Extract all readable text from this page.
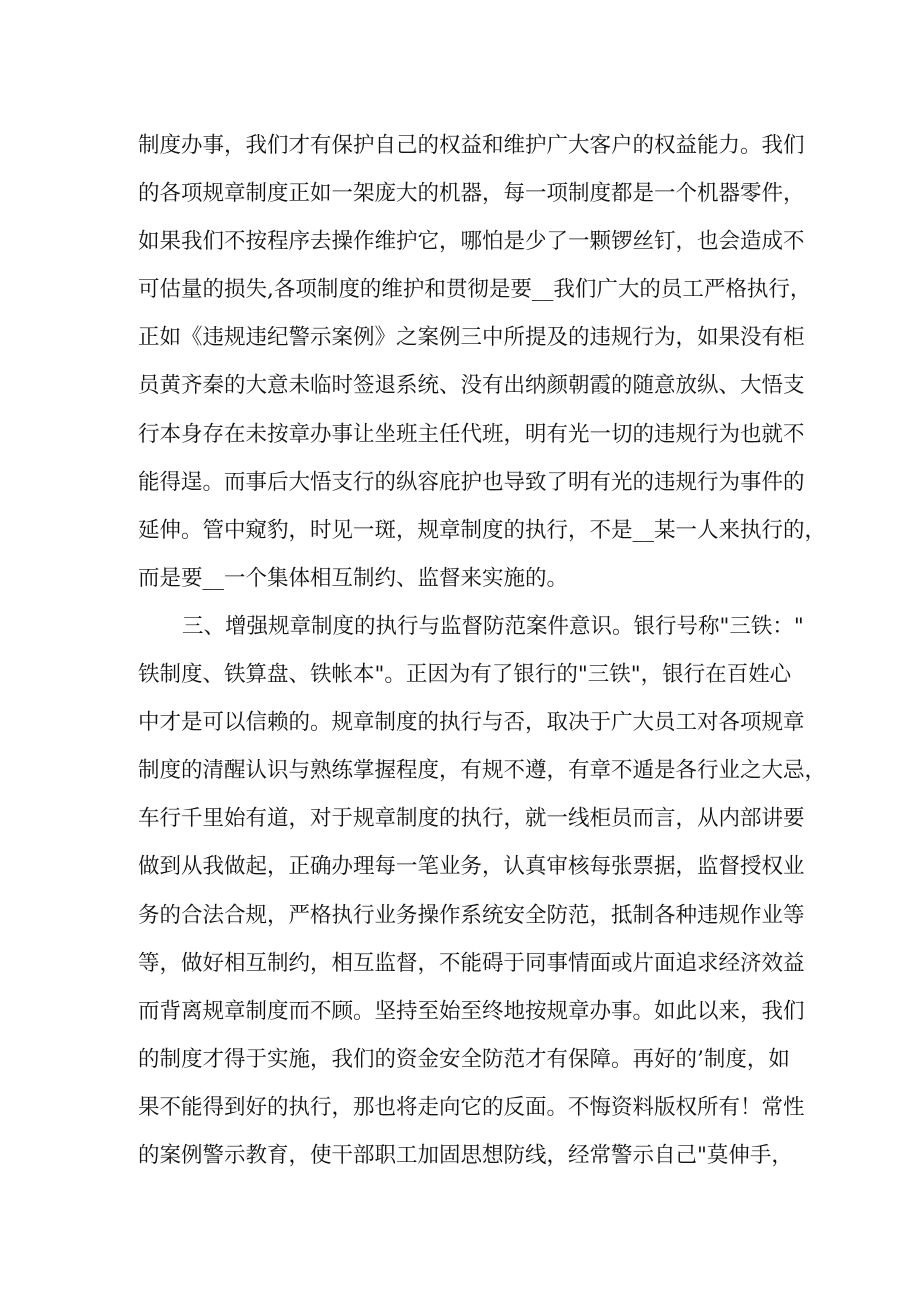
制度办事，我们才有保护自己的权益和维护广大客户的权益能力。我们
的各项规章制度正如一架庞大的机器，每一项制度都是一个机器零件，
如果我们不按程序去操作维护它，哪怕是少了一颗锣丝钉，也会造成不
可估量的损失,各项制度的维护和贯彻是要__我们广大的员工严格执行，
正如《违规违纪警示案例》之案例三中所提及的违规行为，如果没有柜
员黄齐秦的大意未临时签退系统、没有出纳颜朝霞的随意放纵、大悟支
行本身存在未按章办事让坐班主任代班，明有光一切的违规行为也就不
能得逞。而事后大悟支行的纵容庇护也导致了明有光的违规行为事件的
延伸。管中窥豹，时见一斑，规章制度的执行，不是__某一人来执行的，
而是要__一个集体相互制约、监督来实施的。
三、增强规章制度的执行与监督防范案件意识。银行号称"三铁："
铁制度、铁算盘、铁帐本"。正因为有了银行的"三铁"，银行在百姓心
中才是可以信赖的。规章制度的执行与否，取决于广大员工对各项规章
制度的清醒认识与熟练掌握程度，有规不遵，有章不遁是各行业之大忌，
车行千里始有道，对于规章制度的执行，就一线柜员而言，从内部讲要
做到从我做起，正确办理每一笔业务，认真审核每张票据，监督授权业
务的合法合规，严格执行业务操作系统安全防范，抵制各种违规作业等
等，做好相互制约，相互监督，不能碍于同事情面或片面追求经济效益
而背离规章制度而不顾。坚持至始至终地按规章办事。如此以来，我们
的制度才得于实施，我们的资金安全防范才有保障。再好的’制度，如
果不能得到好的执行，那也将走向它的反面。不悔资料版权所有！常性
的案例警示教育，使干部职工加固思想防线，经常警示自己"莫伸手，
